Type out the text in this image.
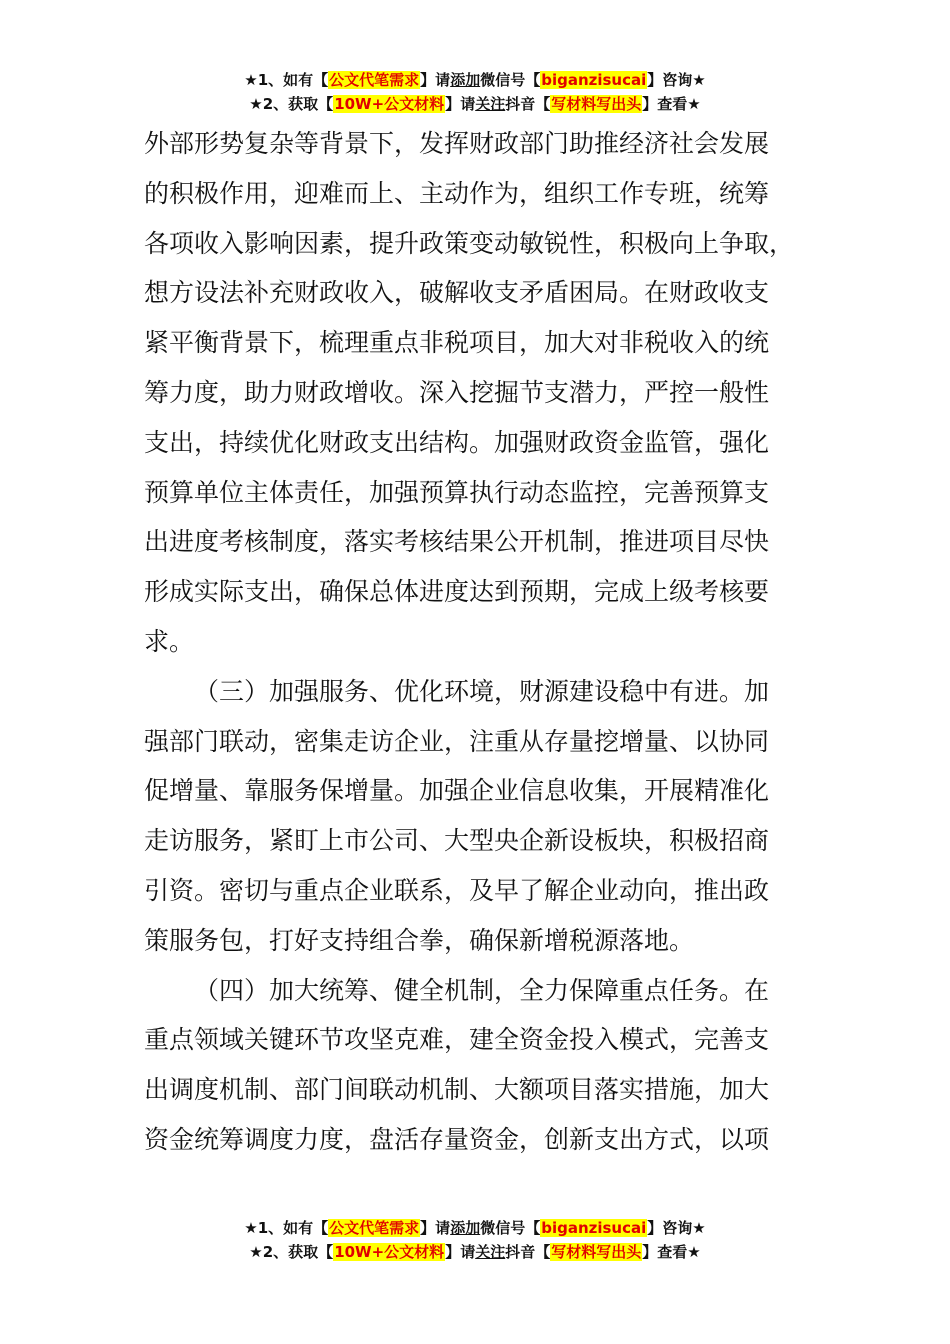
★1、如有【公文代笔需求】请添加微信号【biganzisucai】咨询★
★2、获取【10W+公文材料】请关注抖音【写材料写出头】查看★
外部形势复杂等背景下，发挥财政部门助推经济社会发展
的积极作用，迎难而上、主动作为，组织工作专班，统筹
各项收入影响因素，提升政策变动敏锐性，积极向上争取，
想方设法补充财政收入，破解收支矛盾困局。在财政收支
紧平衡背景下，梳理重点非税项目，加大对非税收入的统
筹力度，助力财政增收。深入挖掘节支潜力，严控一般性
支出，持续优化财政支出结构。加强财政资金监管，强化
预算单位主体责任，加强预算执行动态监控，完善预算支
出进度考核制度，落实考核结果公开机制，推进项目尽快
形成实际支出，确保总体进度达到预期，完成上级考核要
求。
（三）加强服务、优化环境，财源建设稳中有进。加
强部门联动，密集走访企业，注重从存量挖增量、以协同
促增量、靠服务保增量。加强企业信息收集，开展精准化
走访服务，紧盯上市公司、大型央企新设板块，积极招商
引资。密切与重点企业联系，及早了解企业动向，推出政
策服务包，打好支持组合拳，确保新增税源落地。
（四）加大统筹、健全机制，全力保障重点任务。在
重点领域关键环节攻坚克难，建全资金投入模式，完善支
出调度机制、部门间联动机制、大额项目落实措施，加大
资金统筹调度力度，盘活存量资金，创新支出方式，以项
★1、如有【公文代笔需求】请添加微信号【biganzisucai】咨询★
★2、获取【10W+公文材料】请关注抖音【写材料写出头】查看★
